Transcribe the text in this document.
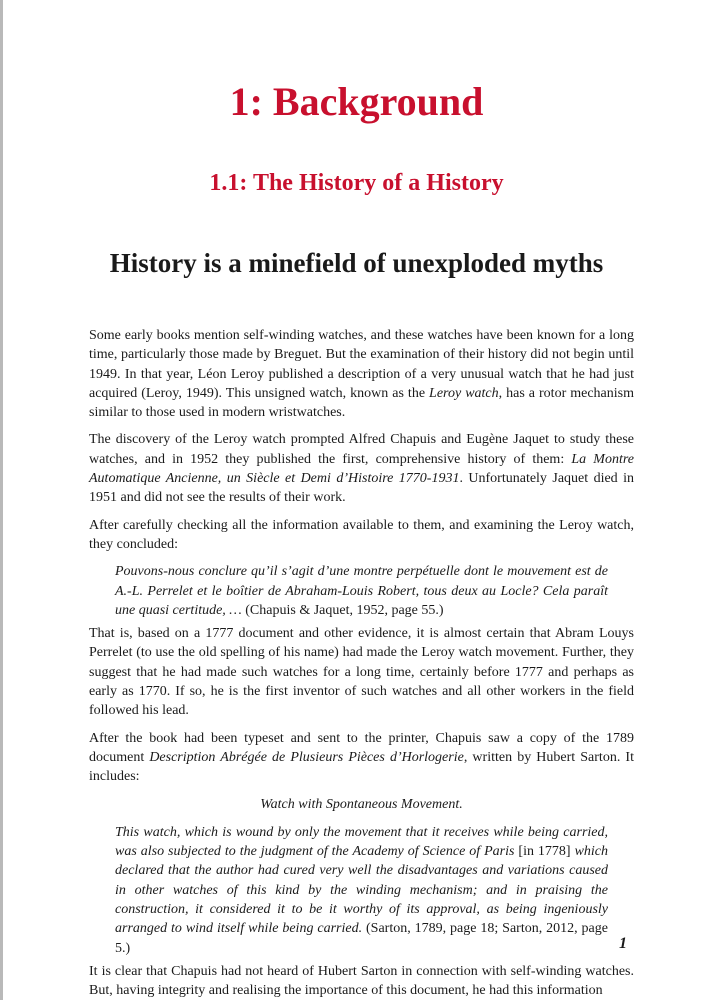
1: Background
1.1: The History of a History
History is a minefield of unexploded myths

Some early books mention self-winding watches, and these watches have been known for a long time, particularly those made by Breguet. But the examination of their history did not begin until 1949. In that year, Léon Leroy published a description of a very unusual watch that he had just acquired (Leroy, 1949). This unsigned watch, known as the Leroy watch, has a rotor mechanism similar to those used in modern wristwatches.

The discovery of the Leroy watch prompted Alfred Chapuis and Eugène Jaquet to study these watches, and in 1952 they published the first, comprehensive history of them: La Montre Automatique Ancienne, un Siècle et Demi d’Histoire 1770-1931. Unfortunately Jaquet died in 1951 and did not see the results of their work.

After carefully checking all the information available to them, and examining the Leroy watch, they concluded:

Pouvons-nous conclure qu’il s’agit d’une montre perpétuelle dont le mouvement est de A.-L. Perrelet et le boîtier de Abraham-Louis Robert, tous deux au Locle? Cela paraît une quasi certitude, … (Chapuis & Jaquet, 1952, page 55.)

That is, based on a 1777 document and other evidence, it is almost certain that Abram Louys Perrelet (to use the old spelling of his name) had made the Leroy watch movement. Further, they suggest that he had made such watches for a long time, certainly before 1777 and perhaps as early as 1770. If so, he is the first inventor of such watches and all other workers in the field followed his lead.

After the book had been typeset and sent to the printer, Chapuis saw a copy of the 1789 document Description Abrégée de Plusieurs Pièces d’Horlogerie, written by Hubert Sarton. It includes:

Watch with Spontaneous Movement.
This watch, which is wound by only the movement that it receives while being carried, was also subjected to the judgment of the Academy of Science of Paris [in 1778] which declared that the author had cured very well the disadvantages and variations caused in other watches of this kind by the winding mechanism; and in praising the construction, it considered it to be it worthy of its approval, as being ingeniously arranged to wind itself while being carried. (Sarton, 1789, page 18; Sarton, 2012, page 5.)

It is clear that Chapuis had not heard of Hubert Sarton in connection with self-winding watches. But, having integrity and realising the importance of this document, he had this information

1
